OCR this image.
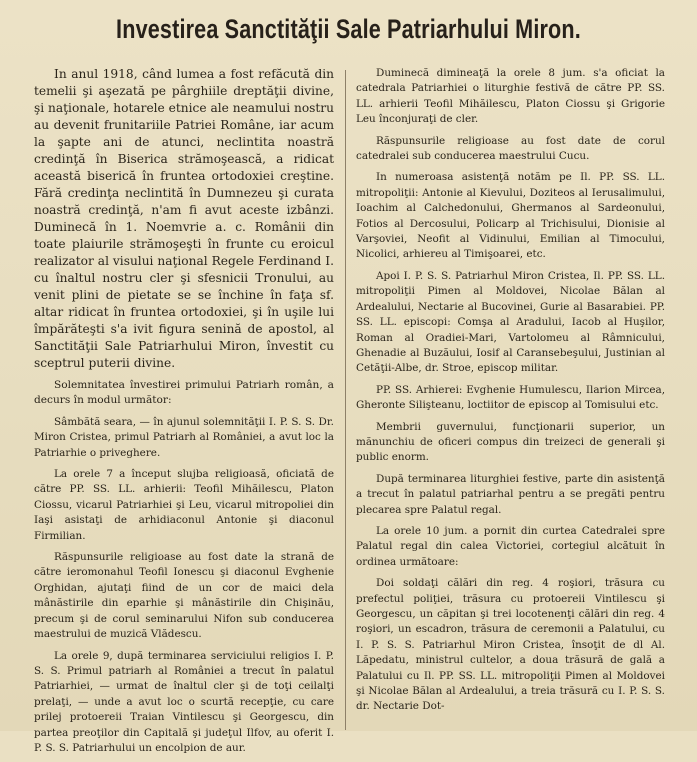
Investirea Sanctităţii Sale Patriarhului Miron.

In anul 1918, când lumea a fost refăcută din temelii şi aşezată pe pârghiile dreptăţii divine, şi naţionale, hotarele etnice ale neamului nostru au devenit frunitariile Patriei Române, iar acum la şapte ani de atunci, neclintita noastră credinţă în Biserica strămoşească, a ridicat această biserică în fruntea ortodoxiei creştine. Fără credinţa neclintită în Dumnezeu şi curata noastră credinţă, n'am fi avut aceste izbânzi. Duminecă în 1. Noemvrie a. c. Românii din toate plaiurile strămoşeşti în frunte cu eroicul realizator al visului naţional Regele Ferdinand I. cu înaltul nostru cler şi sfesnicii Tronului, au venit plini de pietate se se închine în faţa sf. altar ridicat în fruntea ortodoxiei, şi în uşile lui împărăteşti s'a ivit figura senină de apostol, al Sanctităţii Sale Patriarhului Miron, învestit cu sceptrul puterii divine.

Solemnitatea învestirei primului Patriarh român, a decurs în modul următor:

Sâmbătă seara, — în ajunul solemnităţii I. P. S. S. Dr. Miron Cristea, primul Patriarh al României, a avut loc la Patriarhie o priveghere.

La orele 7 a început slujba religioasă, oficiată de către PP. SS. LL. arhierii: Teofil Mihăilescu, Platon Ciossu, vicarul Patriarhiei şi Leu, vicarul mitropoliei din Iaşi asistaţi de arhidiaconul Antonie şi diaconul Firmilian.

Răspunsurile religioase au fost date la strană de către ieromonahul Teofil Ionescu şi diaconul Evghenie Orghidan, ajutaţi fiind de un cor de maici dela mânăstirile din eparhie şi mânăstirile din Chişinău, precum şi de corul seminarului Nifon sub conducerea maestrului de muzică Vlădescu.

La orele 9, după terminarea serviciului religios I. P. S. S. Primul patriarh al României a trecut în palatul Patriarhiei, — urmat de înaltul cler şi de toţi ceilalţi prelaţi, — unde a avut loc o scurtă recepţie, cu care prilej protoereii Traian Vintilescu şi Georgescu, din partea preoţilor din Capitală şi judeţul Ilfov, au oferit I. P. S. S. Patriarhului un encolpion de aur.

Duminecă dimineaţă la orele 8 jum. s'a oficiat la catedrala Patriarhiei o liturghie festivă de către PP. SS. LL. arhierii Teofil Mihăilescu, Platon Ciossu şi Grigorie Leu înconjuraţi de cler.

Răspunsurile religioase au fost date de corul catedralei sub conducerea maestrului Cucu.

In numeroasa asistenţă notăm pe Il. PP. SS. LL. mitropoliţii: Antonie al Kievului, Doziteos al Ierusalimului, Ioachim al Calchedonului, Ghermanos al Sardeonului, Fotios al Dercosului, Policarp al Trichisului, Dionisie al Varşoviei, Neofit al Vidinului, Emilian al Timocului, Nicolici, arhiereu al Timişoarei, etc.

Apoi I. P. S. S. Patriarhul Miron Cristea, Il. PP. SS. LL. mitropoliţii Pimen al Moldovei, Nicolae Bălan al Ardealului, Nectarie al Bucovinei, Gurie al Basarabiei. PP. SS. LL. episcopi: Comşa al Aradului, Iacob al Huşilor, Roman al Oradiei-Mari, Vartolomeu al Râmnicului, Ghenadie al Buzăului, Iosif al Caransebeşului, Justinian al Cetăţii-Albe, dr. Stroe, episcop militar.

PP. SS. Arhierei: Evghenie Humulescu, Ilarion Mircea, Gheronte Silişteanu, loctiitor de episcop al Tomisului etc.

Membrii guvernului, funcţionarii superior, un mănunchiu de oficeri compus din treizeci de generali şi public enorm.

După terminarea liturghiei festive, parte din asistenţă a trecut în palatul patriarhal pentru a se pregăti pentru plecarea spre Palatul regal.

La orele 10 jum. a pornit din curtea Catedralei spre Palatul regal din calea Victoriei, cortegiul alcătuit în ordinea următoare:

Doi soldaţi călări din reg. 4 roşiori, trăsura cu prefectul poliţiei, trăsura cu protoereii Vintilescu şi Georgescu, un căpitan şi trei locotenenţi călări din reg. 4 roşiori, un escadron, trăsura de ceremonii a Palatului, cu I. P. S. S. Patriarhul Miron Cristea, însoţit de dl Al. Lăpedatu, ministrul cultelor, a doua trăsură de gală a Palatului cu Il. PP. SS. LL. mitropoliţii Pimen al Moldovei şi Nicolae Bălan al Ardealului, a treia trăsură cu I. P. S. S. dr. Nectarie Dot-
